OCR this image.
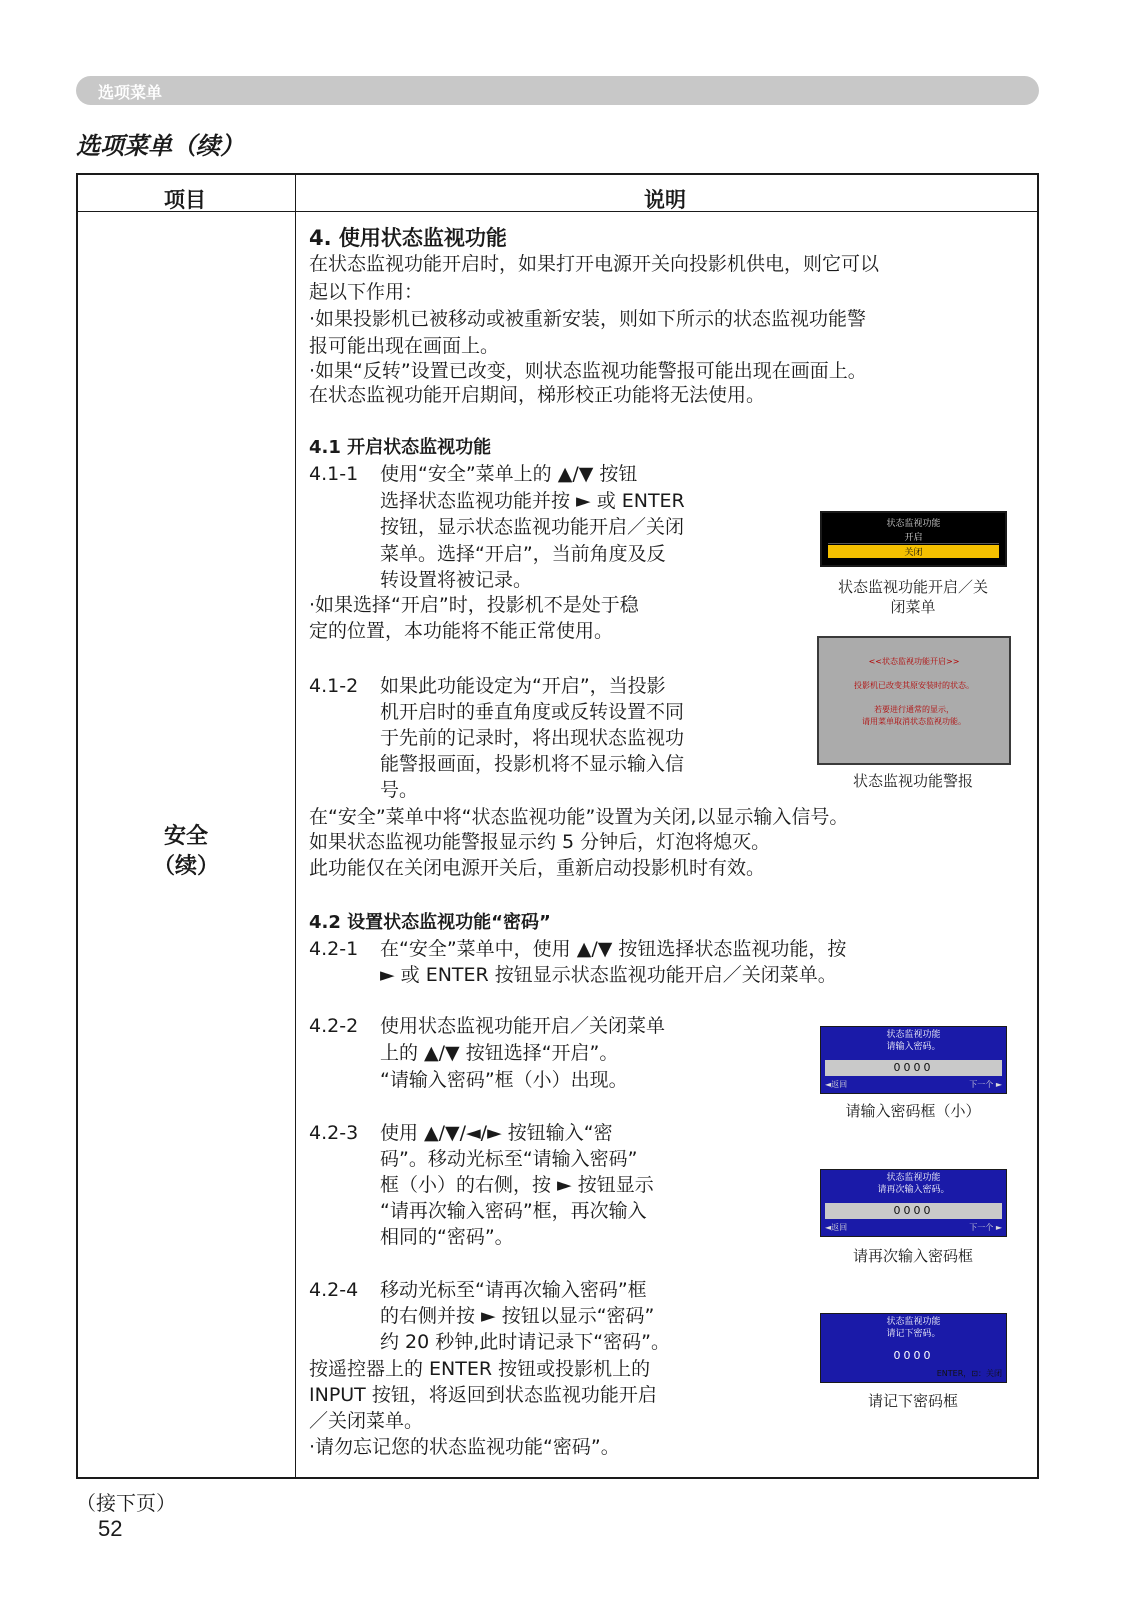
选项菜单
选项菜单（续）
项目	说明
安全
（续）
4. 使用状态监视功能
在状态监视功能开启时，如果打开电源开关向投影机供电，则它可以
起以下作用：
·如果投影机已被移动或被重新安装，则如下所示的状态监视功能警
报可能出现在画面上。
·如果“反转”设置已改变，则状态监视功能警报可能出现在画面上。
在状态监视功能开启期间，梯形校正功能将无法使用。
4.1 开启状态监视功能
4.1-1 使用“安全”菜单上的 ▲/▼ 按钮
选择状态监视功能并按 ► 或 ENTER
按钮，显示状态监视功能开启／关闭
菜单。选择“开启”，当前角度及反
转设置将被记录。
·如果选择“开启”时，投影机不是处于稳
定的位置，本功能将不能正常使用。
4.1-2 如果此功能设定为“开启”，当投影
机开启时的垂直角度或反转设置不同
于先前的记录时，将出现状态监视功
能警报画面，投影机将不显示输入信
号。
在“安全”菜单中将“状态监视功能”设置为关闭,以显示输入信号。
如果状态监视功能警报显示约 5 分钟后，灯泡将熄灭。
此功能仅在关闭电源开关后，重新启动投影机时有效。
4.2 设置状态监视功能“密码”
4.2-1 在“安全”菜单中，使用 ▲/▼ 按钮选择状态监视功能，按
► 或 ENTER 按钮显示状态监视功能开启／关闭菜单。
4.2-2 使用状态监视功能开启／关闭菜单
上的 ▲/▼ 按钮选择“开启”。
“请输入密码”框（小）出现。
4.2-3 使用 ▲/▼/◄/► 按钮输入“密
码”。移动光标至“请输入密码”
框（小）的右侧，按 ► 按钮显示
“请再次输入密码”框，再次输入
相同的“密码”。
4.2-4 移动光标至“请再次输入密码”框
的右侧并按 ► 按钮以显示“密码”
约 20 秒钟,此时请记录下“密码”。
按遥控器上的 ENTER 按钮或投影机上的
INPUT 按钮，将返回到状态监视功能开启
／关闭菜单。
·请勿忘记您的状态监视功能“密码”。
状态监视功能
开启
关闭
状态监视功能开启／关
闭菜单
<<状态监视功能开启>>
投影机已改变其原安装时的状态。
若要进行通常的显示，
请用菜单取消状态监视功能。
状态监视功能警报
状态监视功能
请输入密码。
0000
◄返回	下一个 ►
请输入密码框（小）
状态监视功能
请再次输入密码。
0000
◄返回	下一个 ►
请再次输入密码框
状态监视功能
请记下密码。
0000
ENTER，⊡：关闭
请记下密码框
（接下页）
52
